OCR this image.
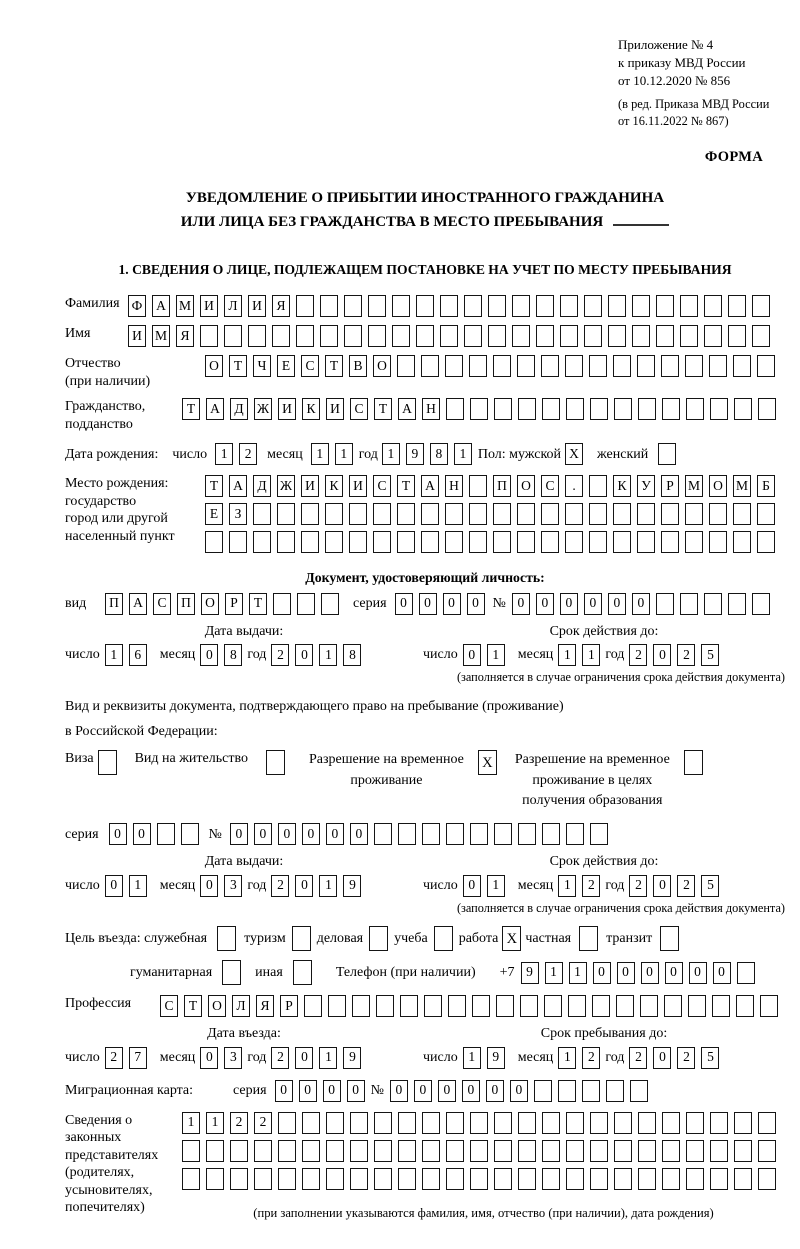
Приложение № 4
к приказу МВД России
от 10.12.2020 № 856
(в ред. Приказа МВД России
от 16.11.2022 № 867)
ФОРМА
УВЕДОМЛЕНИЕ О ПРИБЫТИИ ИНОСТРАННОГО ГРАЖДАНИНА
ИЛИ ЛИЦА БЕЗ ГРАЖДАНСТВА В МЕСТО ПРЕБЫВАНИЯ
1. СВЕДЕНИЯ О ЛИЦЕ, ПОДЛЕЖАЩЕМ ПОСТАНОВКЕ НА УЧЕТ ПО МЕСТУ ПРЕБЫВАНИЯ
Фамилия Ф	А М И	Л	И	Я
Имя	И М Я
Отчество
(при наличии)
О	Т	Ч	Е	С	Т	В	О
Гражданство,
подданство
Т	А	Д Ж И	К	И	С	Т	А	Н
Дата рождения: число	1	2	месяц	1	1 год 1	9	8	1 Пол: мужской X женский
Место рождения:
государство
город или другой
населенный пункт
Т	А	Д Ж И	К	И	С	Т	А	Н	П	О	С	.	К	У	Р	М О М	Б

Е	З

Документ, удостоверяющий личность:
вид	П	А	С	П	О	Р	Т	серия	0	0	0	0 № 0	0	0	0	0	0
Дата выдачи:
число 1	6	месяц 0	8 год 2	0	1	8
Срок действия до:
число 0	1	месяц 1	1 год 2	0	2	5
(заполняется в случае ограничения срока действия документа)
Вид и реквизиты документа, подтверждающего право на пребывание (проживание)
в Российской Федерации:
Виза	Вид на жительство	Разрешение на временное
проживание
X	Разрешение на временное
проживание в целях
получения образования
серия	0	0	№	0	0	0	0	0	0
Дата выдачи:
число 0	1	месяц 0	3 год 2	0	1	9
Срок действия до:
число 0	1	месяц 1	2 год 2	0	2	5
(заполняется в случае ограничения срока действия документа)
Цель въезда: служебная	туризм деловая учеба работа X частная	транзит
гуманитарная	иная	Телефон (при наличии) +7 9	1	1	0	0	0	0	0	0
Профессия	С	Т	О	Л	Я	Р
Дата въезда:
число 2	7	месяц 0	3 год 2	0	1	9
Срок пребывания до:
число 1	9	месяц 1	2 год 2	0	2	5
Миграционная карта:	серия	0	0	0	0 № 0	0	0	0	0	0
Сведения о
законных
представителях
(родителях,
усыновителях,
попечителях)
1	1	2	2

(при заполнении указываются фамилия, имя, отчество (при наличии), дата рождения)
